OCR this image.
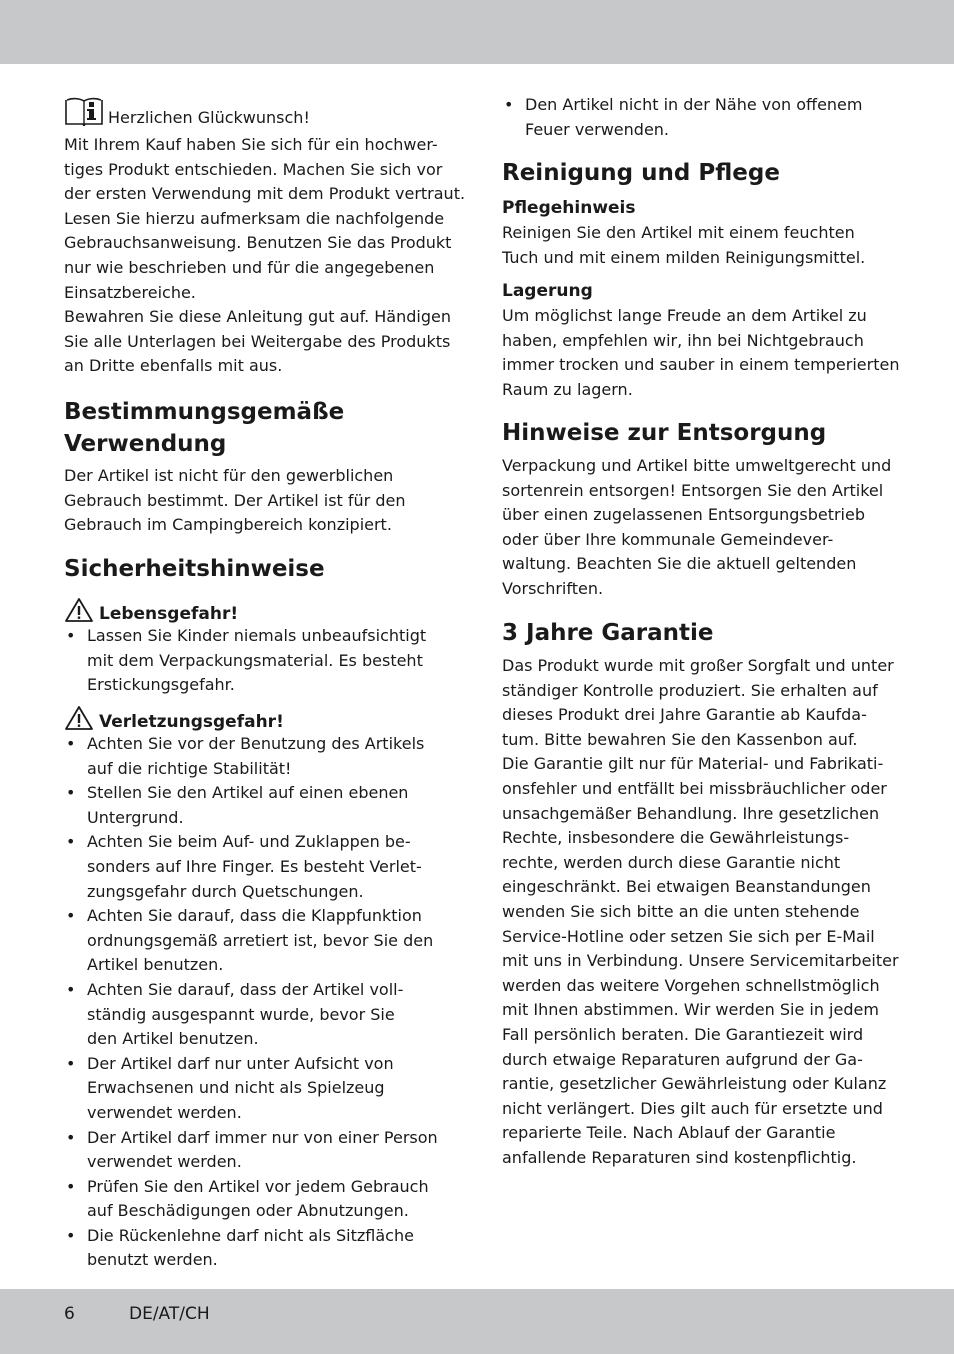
Herzlichen Glückwunsch!
Mit Ihrem Kauf haben Sie sich für ein hochwer-
tiges Produkt entschieden. Machen Sie sich vor
der ersten Verwendung mit dem Produkt vertraut.
Lesen Sie hierzu aufmerksam die nachfolgende
Gebrauchsanweisung. Benutzen Sie das Produkt
nur wie beschrieben und für die angegebenen
Einsatzbereiche.
Bewahren Sie diese Anleitung gut auf. Händigen
Sie alle Unterlagen bei Weitergabe des Produkts
an Dritte ebenfalls mit aus.
Bestimmungsgemäße
Verwendung
Der Artikel ist nicht für den gewerblichen
Gebrauch bestimmt. Der Artikel ist für den
Gebrauch im Campingbereich konzipiert.
Sicherheitshinweise
Lebensgefahr!
• Lassen Sie Kinder niemals unbeaufsichtigt
mit dem Verpackungsmaterial. Es besteht
Erstickungsgefahr.
Verletzungsgefahr!
• Achten Sie vor der Benutzung des Artikels
auf die richtige Stabilität!
• Stellen Sie den Artikel auf einen ebenen
Untergrund.
• Achten Sie beim Auf- und Zuklappen be-
sonders auf Ihre Finger. Es besteht Verlet-
zungsgefahr durch Quetschungen.
• Achten Sie darauf, dass die Klappfunktion
ordnungsgemäß arretiert ist, bevor Sie den
Artikel benutzen.
• Achten Sie darauf, dass der Artikel voll-
ständig ausgespannt wurde, bevor Sie
den Artikel benutzen.
• Der Artikel darf nur unter Aufsicht von
Erwachsenen und nicht als Spielzeug
verwendet werden.
• Der Artikel darf immer nur von einer Person
verwendet werden.
• Prüfen Sie den Artikel vor jedem Gebrauch
auf Beschädigungen oder Abnutzungen.
• Die Rückenlehne darf nicht als Sitzfläche
benutzt werden.
• Den Artikel nicht in der Nähe von offenem
Feuer verwenden.
Reinigung und Pflege
Pflegehinweis
Reinigen Sie den Artikel mit einem feuchten
Tuch und mit einem milden Reinigungsmittel.
Lagerung
Um möglichst lange Freude an dem Artikel zu
haben, empfehlen wir, ihn bei Nichtgebrauch
immer trocken und sauber in einem temperierten
Raum zu lagern.
Hinweise zur Entsorgung
Verpackung und Artikel bitte umweltgerecht und
sortenrein entsorgen! Entsorgen Sie den Artikel
über einen zugelassenen Entsorgungsbetrieb
oder über Ihre kommunale Gemeindever-
waltung. Beachten Sie die aktuell geltenden
Vorschriften.
3 Jahre Garantie
Das Produkt wurde mit großer Sorgfalt und unter
ständiger Kontrolle produziert. Sie erhalten auf
dieses Produkt drei Jahre Garantie ab Kaufda-
tum. Bitte bewahren Sie den Kassenbon auf.
Die Garantie gilt nur für Material- und Fabrikati-
onsfehler und entfällt bei missbräuchlicher oder
unsachgemäßer Behandlung. Ihre gesetzlichen
Rechte, insbesondere die Gewährleistungs-
rechte, werden durch diese Garantie nicht
eingeschränkt. Bei etwaigen Beanstandungen
wenden Sie sich bitte an die unten stehende
Service-Hotline oder setzen Sie sich per E-Mail
mit uns in Verbindung. Unsere Servicemitarbeiter
werden das weitere Vorgehen schnellstmöglich
mit Ihnen abstimmen. Wir werden Sie in jedem
Fall persönlich beraten. Die Garantiezeit wird
durch etwaige Reparaturen aufgrund der Ga-
rantie, gesetzlicher Gewährleistung oder Kulanz
nicht verlängert. Dies gilt auch für ersetzte und
reparierte Teile. Nach Ablauf der Garantie
anfallende Reparaturen sind kostenpflichtig.
6	DE/AT/CH
